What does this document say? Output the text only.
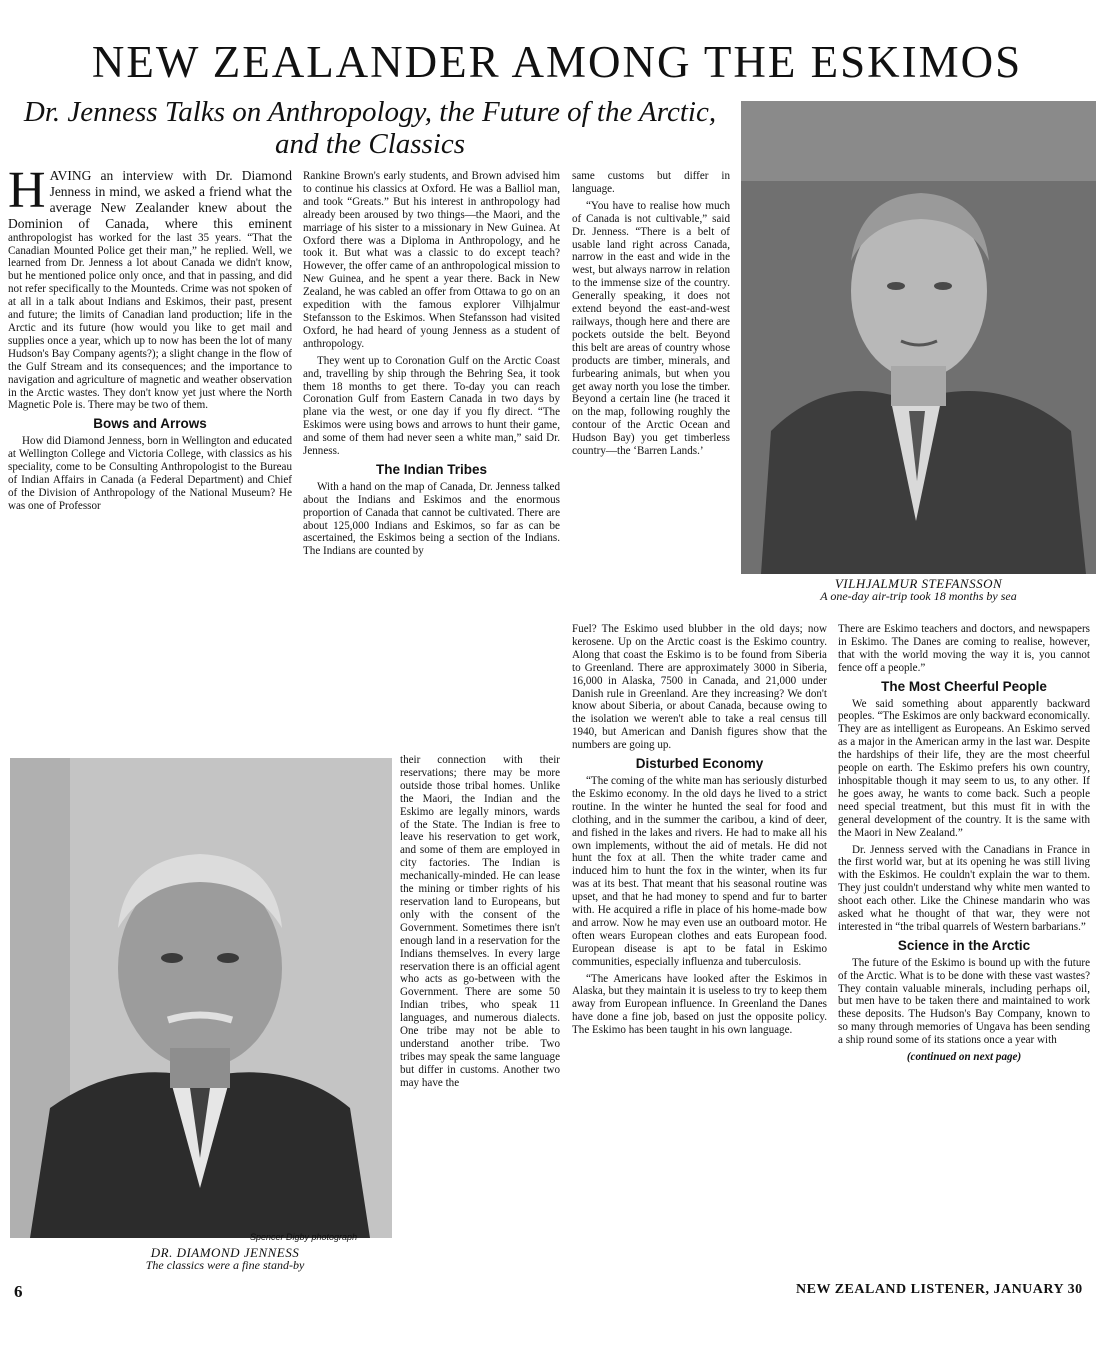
NEW ZEALANDER AMONG THE ESKIMOS
Dr. Jenness Talks on Anthropology, the Future of the Arctic, and the Classics

HAVING an interview with Dr. Diamond Jenness in mind, we asked a friend what the average New Zealander knew about the Dominion of Canada, where this eminent anthropologist has worked for the last 35 years. “That the Canadian Mounted Police get their man,” he replied. Well, we learned from Dr. Jenness a lot about Canada we didn't know, but he mentioned police only once, and that in passing, and did not refer specifically to the Mounteds. Crime was not spoken of at all in a talk about Indians and Eskimos, their past, present and future; the limits of Canadian land production; life in the Arctic and its future (how would you like to get mail and supplies once a year, which up to now has been the lot of many Hudson's Bay Company agents?); a slight change in the flow of the Gulf Stream and its consequences; and the importance to navigation and agriculture of magnetic and weather observation in the Arctic wastes. They don't know yet just where the North Magnetic Pole is. There may be two of them.

Bows and Arrows

How did Diamond Jenness, born in Wellington and educated at Wellington College and Victoria College, with classics as his speciality, come to be Consulting Anthropologist to the Bureau of Indian Affairs in Canada (a Federal Department) and Chief of the Division of Anthropology of the National Museum? He was one of Professor

Rankine Brown's early students, and Brown advised him to continue his classics at Oxford. He was a Balliol man, and took “Greats.” But his interest in anthropology had already been aroused by two things—the Maori, and the marriage of his sister to a missionary in New Guinea. At Oxford there was a Diploma in Anthropology, and he took it. But what was a classic to do except teach? However, the offer came of an anthropological mission to New Guinea, and he spent a year there. Back in New Zealand, he was cabled an offer from Ottawa to go on an expedition with the famous explorer Vilhjalmur Stefansson to the Eskimos. When Stefansson had visited Oxford, he had heard of young Jenness as a student of anthropology.

They went up to Coronation Gulf on the Arctic Coast and, travelling by ship through the Behring Sea, it took them 18 months to get there. To-day you can reach Coronation Gulf from Eastern Canada in two days by plane via the west, or one day if you fly direct. “The Eskimos were using bows and arrows to hunt their game, and some of them had never seen a white man,” said Dr. Jenness.

The Indian Tribes

With a hand on the map of Canada, Dr. Jenness talked about the Indians and Eskimos and the enormous proportion of Canada that cannot be cultivated. There are about 125,000 Indians and Eskimos, so far as can be ascertained, the Eskimos being a section of the Indians. The Indians are counted by

their connection with their reservations; there may be more outside those tribal homes. Unlike the Maori, the Indian and the Eskimo are legally minors, wards of the State. The Indian is free to leave his reservation to get work, and some of them are employed in city factories. The Indian is mechanically-minded. He can lease the mining or timber rights of his reservation land to Europeans, but only with the consent of the Government. Sometimes there isn't enough land in a reservation for the Indians themselves. In every large reservation there is an official agent who acts as go-between with the Government. There are some 50 Indian tribes, who speak 11 languages, and numerous dialects. One tribe may not be able to understand another tribe. Two tribes may speak the same language but differ in customs. Another two may have the

same customs but differ in language.

“You have to realise how much of Canada is not cultivable,” said Dr. Jenness. “There is a belt of usable land right across Canada, narrow in the east and wide in the west, but always narrow in relation to the immense size of the country. Generally speaking, it does not extend beyond the east-and-west railways, though here and there are pockets outside the belt. Beyond this belt are areas of country whose products are timber, minerals, and furbearing animals, but when you get away north you lose the timber. Beyond a certain line (he traced it on the map, following roughly the contour of the Arctic Ocean and Hudson Bay) you get timberless country—the ‘Barren Lands.’

Fuel? The Eskimo used blubber in the old days; now kerosene. Up on the Arctic coast is the Eskimo country. Along that coast the Eskimo is to be found from Siberia to Greenland. There are approximately 3000 in Siberia, 16,000 in Alaska, 7500 in Canada, and 21,000 under Danish rule in Greenland. Are they increasing? We don't know about Siberia, or about Canada, because owing to the isolation we weren't able to take a real census till 1940, but American and Danish figures show that the numbers are going up.

Disturbed Economy

“The coming of the white man has seriously disturbed the Eskimo economy. In the old days he lived to a strict routine. In the winter he hunted the seal for food and clothing, and in the summer the caribou, a kind of deer, and fished in the lakes and rivers. He had to make all his own implements, without the aid of metals. He did not hunt the fox at all. Then the white trader came and induced him to hunt the fox in the winter, when its fur was at its best. That meant that his seasonal routine was upset, and that he had money to spend and fur to barter with. He acquired a rifle in place of his home-made bow and arrow. Now he may even use an outboard motor. He often wears European clothes and eats European food. European disease is apt to be fatal in Eskimo communities, especially influenza and tuberculosis.

“The Americans have looked after the Eskimos in Alaska, but they maintain it is useless to try to keep them away from European influence. In Greenland the Danes have done a fine job, based on just the opposite policy. The Eskimo has been taught in his own language.

There are Eskimo teachers and doctors, and newspapers in Eskimo. The Danes are coming to realise, however, that with the world moving the way it is, you cannot fence off a people.”

The Most Cheerful People

We said something about apparently backward peoples. “The Eskimos are only backward economically. They are as intelligent as Europeans. An Eskimo served as a major in the American army in the last war. Despite the hardships of their life, they are the most cheerful people on earth. The Eskimo prefers his own country, inhospitable though it may seem to us, to any other. If he goes away, he wants to come back. Such a people need special treatment, but this must fit in with the general development of the country. It is the same with the Maori in New Zealand.”

Dr. Jenness served with the Canadians in France in the first world war, but at its opening he was still living with the Eskimos. He couldn't explain the war to them. They just couldn't understand why white men wanted to shoot each other. Like the Chinese mandarin who was asked what he thought of that war, they were not interested in “the tribal quarrels of Western barbarians.”

Science in the Arctic

The future of the Eskimo is bound up with the future of the Arctic. What is to be done with these vast wastes? They contain valuable minerals, including perhaps oil, but men have to be taken there and maintained to work these deposits. The Hudson's Bay Company, known to so many through memories of Ungava has been sending a ship round some of its stations once a year with

(continued on next page)

VILHJALMUR STEFANSSON
A one-day air-trip took 18 months by sea
Spencer Digby photograph
DR. DIAMOND JENNESS
The classics were a fine stand-by
6	NEW ZEALAND LISTENER, JANUARY 30
